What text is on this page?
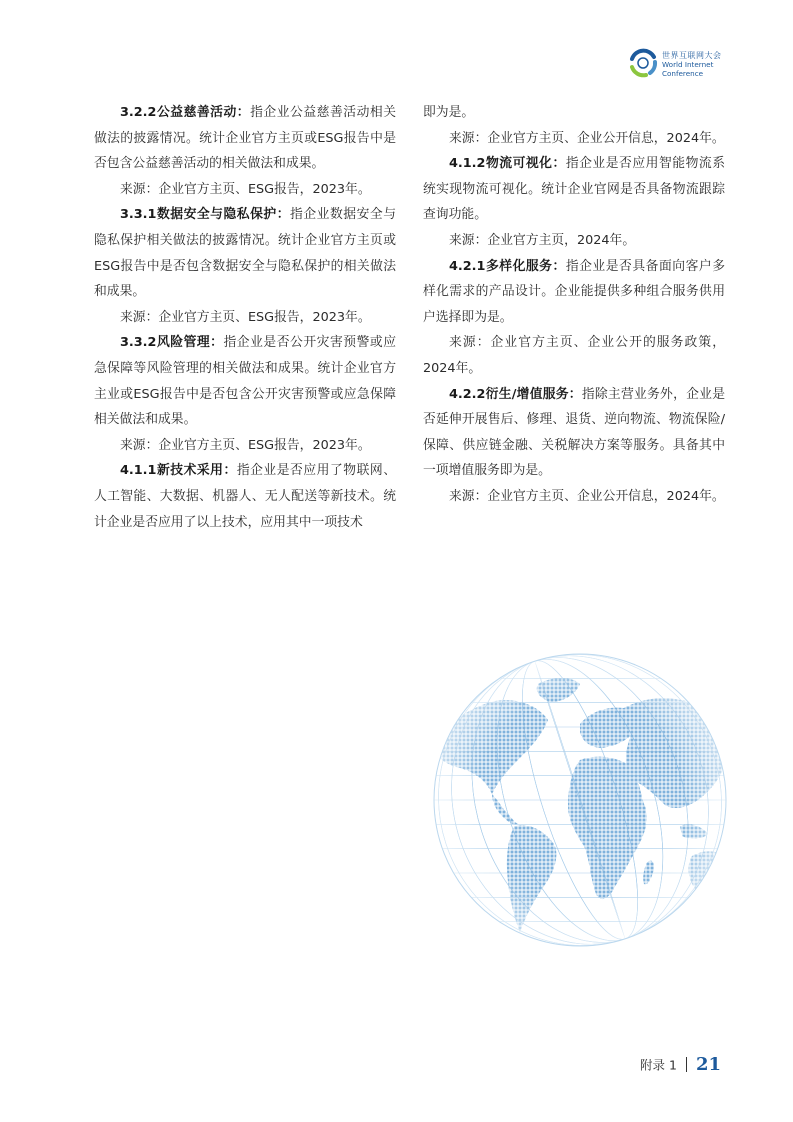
世界互联网大会
World Internet
Conference

3.2.2公益慈善活动：指企业公益慈善活动相关做法的披露情况。统计企业官方主页或ESG报告中是否包含公益慈善活动的相关做法和成果。

来源：企业官方主页、ESG报告，2023年。

3.3.1数据安全与隐私保护：指企业数据安全与隐私保护相关做法的披露情况。统计企业官方主页或ESG报告中是否包含数据安全与隐私保护的相关做法和成果。

来源：企业官方主页、ESG报告，2023年。

3.3.2风险管理：指企业是否公开灾害预警或应急保障等风险管理的相关做法和成果。统计企业官方主业或ESG报告中是否包含公开灾害预警或应急保障相关做法和成果。

来源：企业官方主页、ESG报告，2023年。

4.1.1新技术采用：指企业是否应用了物联网、人工智能、大数据、机器人、无人配送等新技术。统计企业是否应用了以上技术，应用其中一项技术

即为是。

来源：企业官方主页、企业公开信息，2024年。

4.1.2物流可视化：指企业是否应用智能物流系统实现物流可视化。统计企业官网是否具备物流跟踪查询功能。

来源：企业官方主页，2024年。

4.2.1多样化服务：指企业是否具备面向客户多样化需求的产品设计。企业能提供多种组合服务供用户选择即为是。

来源：企业官方主页、企业公开的服务政策，2024年。

4.2.2衍生/增值服务：指除主营业务外，企业是否延伸开展售后、修理、退货、逆向物流、物流保险/保障、供应链金融、关税解决方案等服务。具备其中一项增值服务即为是。

来源：企业官方主页、企业公开信息，2024年。

附录 1 21
